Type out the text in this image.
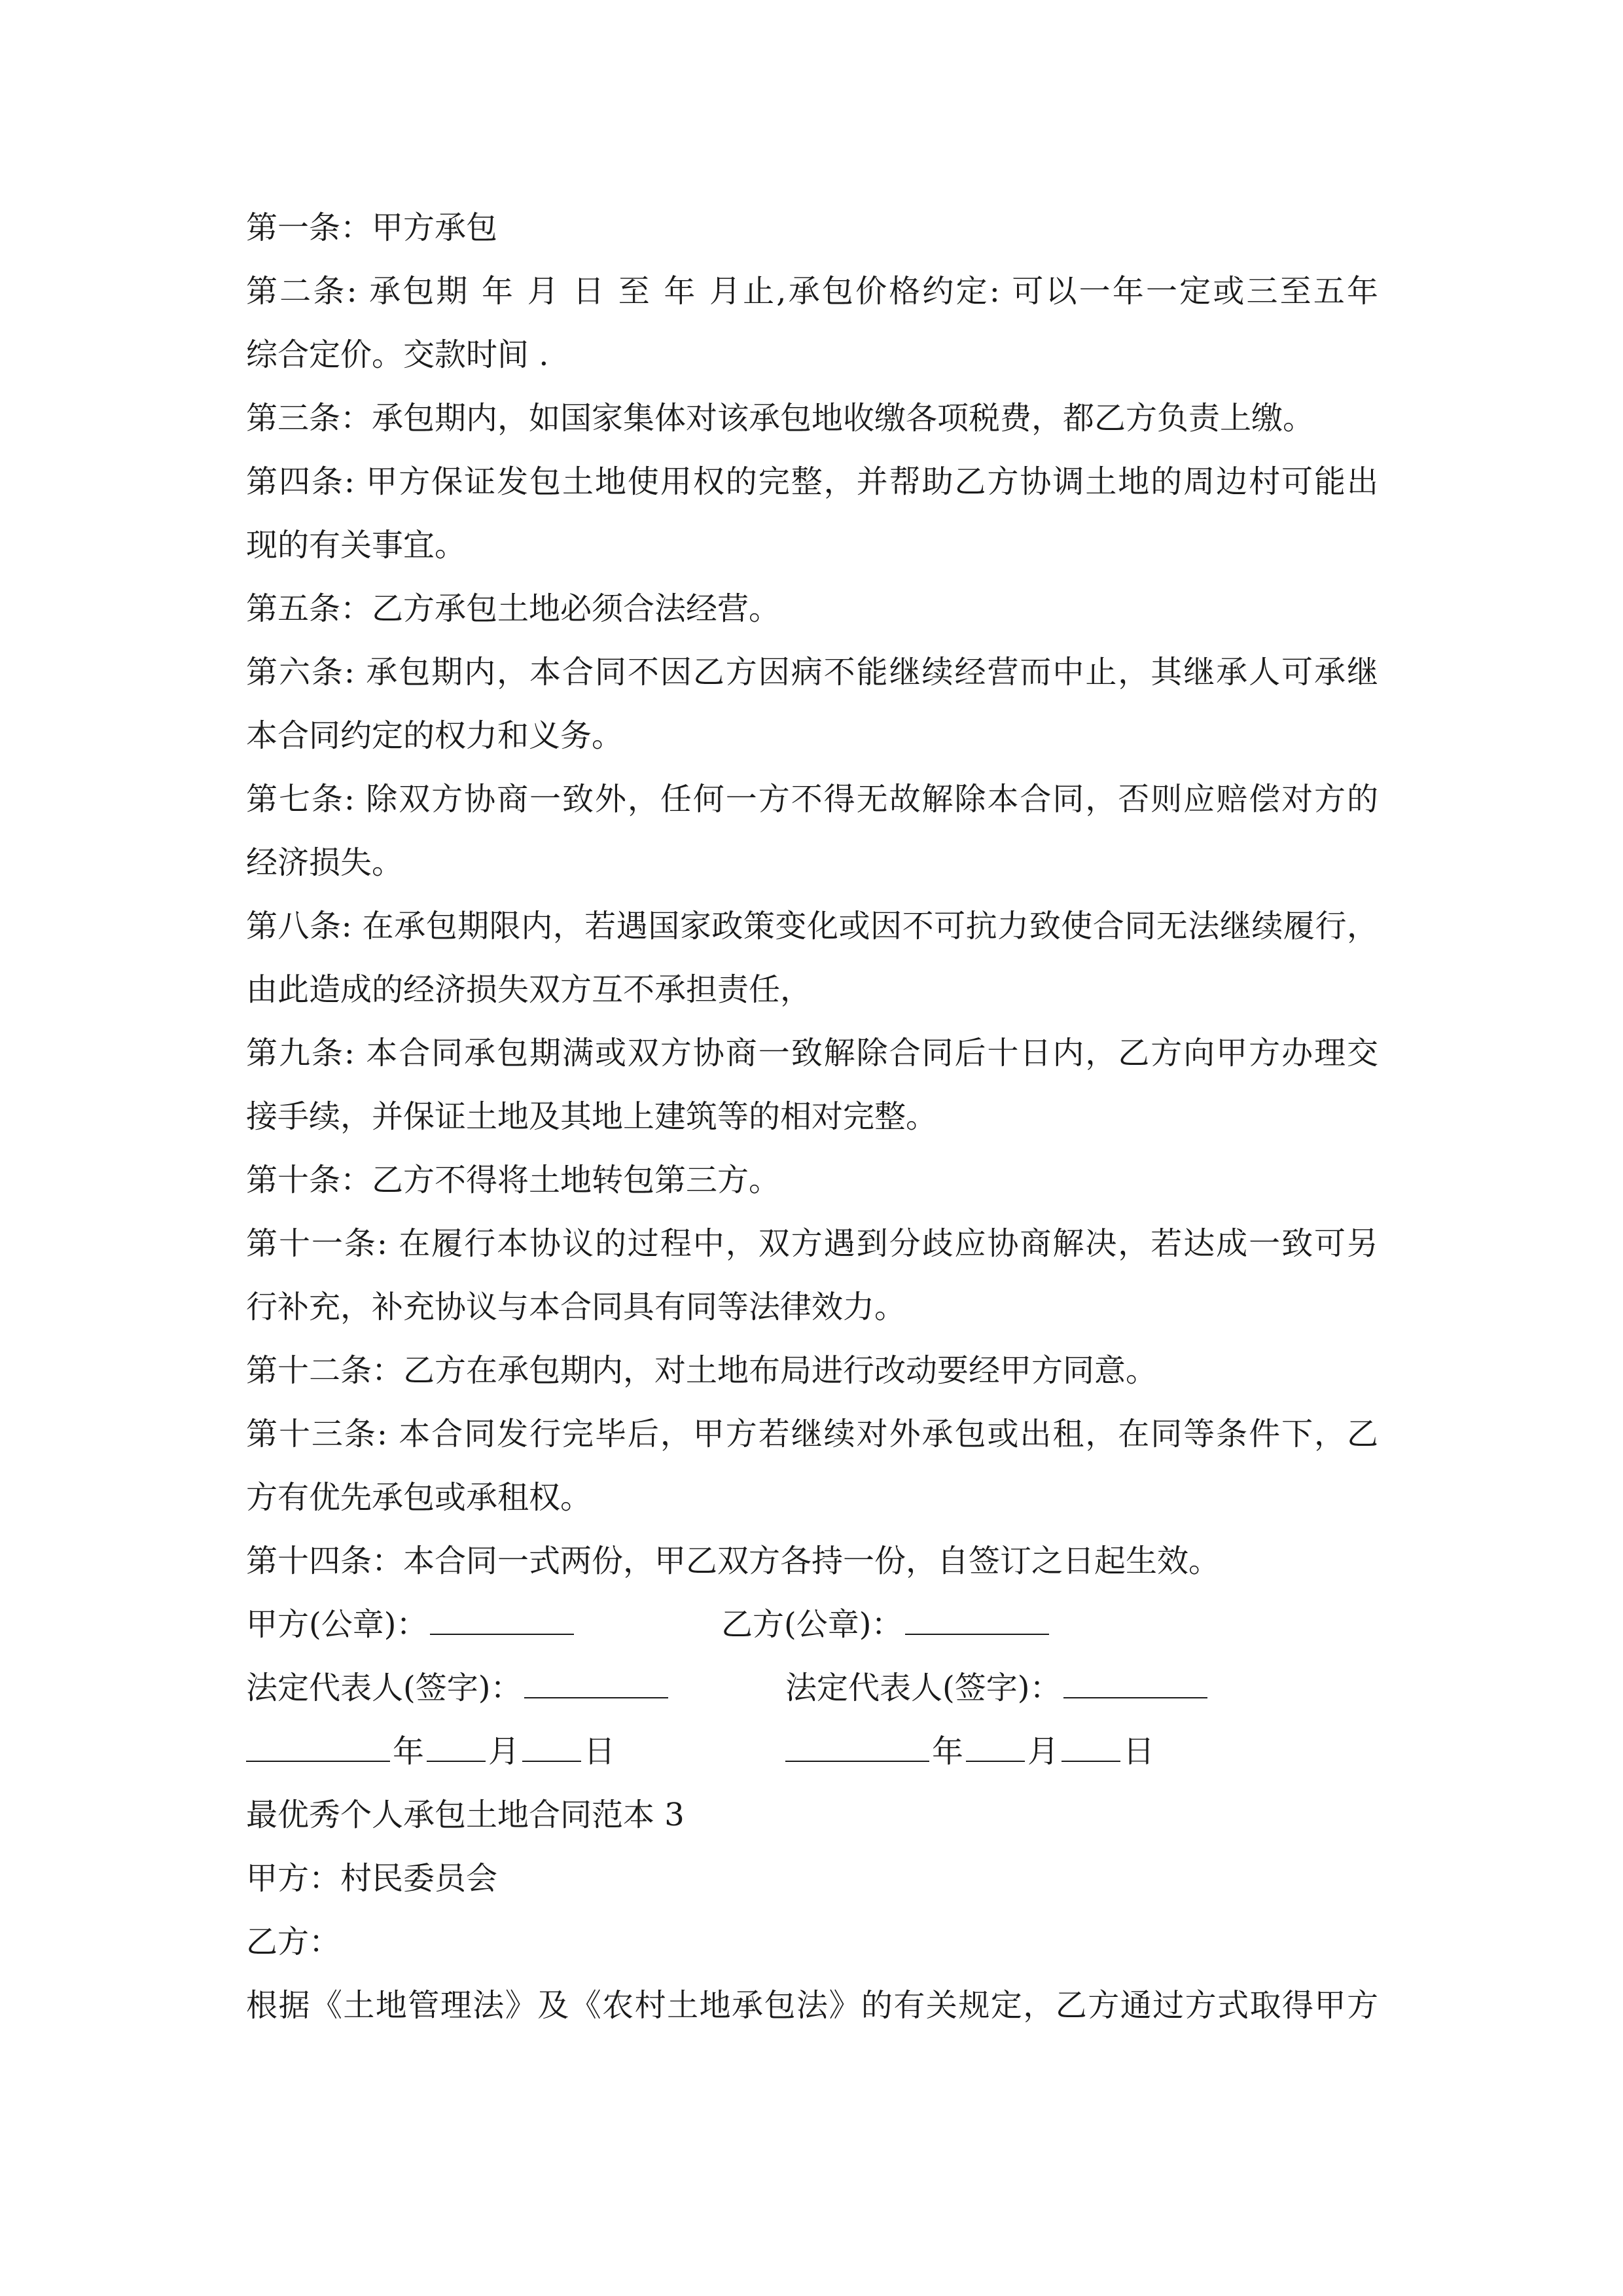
第一条：甲方承包
第二条: 承包期 年 月 日 至 年 月止,承包价格约定: 可以一年一定或三至五年
综合定价。交款时间 .
第三条：承包期内，如国家集体对该承包地收缴各项税费，都乙方负责上缴。
第四条: 甲方保证发包土地使用权的完整，并帮助乙方协调土地的周边村可能出
现的有关事宜。
第五条：乙方承包土地必须合法经营。
第六条: 承包期内，本合同不因乙方因病不能继续经营而中止，其继承人可承继
本合同约定的权力和义务。
第七条: 除双方协商一致外，任何一方不得无故解除本合同，否则应赔偿对方的
经济损失。
第八条: 在承包期限内，若遇国家政策变化或因不可抗力致使合同无法继续履行，
由此造成的经济损失双方互不承担责任，
第九条: 本合同承包期满或双方协商一致解除合同后十日内，乙方向甲方办理交
接手续，并保证土地及其地上建筑等的相对完整。
第十条：乙方不得将土地转包第三方。
第十一条: 在履行本协议的过程中，双方遇到分歧应协商解决，若达成一致可另
行补充，补充协议与本合同具有同等法律效力。
第十二条：乙方在承包期内，对土地布局进行改动要经甲方同意。
第十三条: 本合同发行完毕后，甲方若继续对外承包或出租，在同等条件下，乙
方有优先承包或承租权。
第十四条：本合同一式两份，甲乙双方各持一份，自签订之日起生效。
甲方(公章)：	乙方(公章)：
法定代表人(签字)：	法定代表人(签字)：
年 月 日	年 月 日
最优秀个人承包土地合同范本 3
甲方：村民委员会
乙方：
根据《土地管理法》及《农村土地承包法》的有关规定，乙方通过方式取得甲方
